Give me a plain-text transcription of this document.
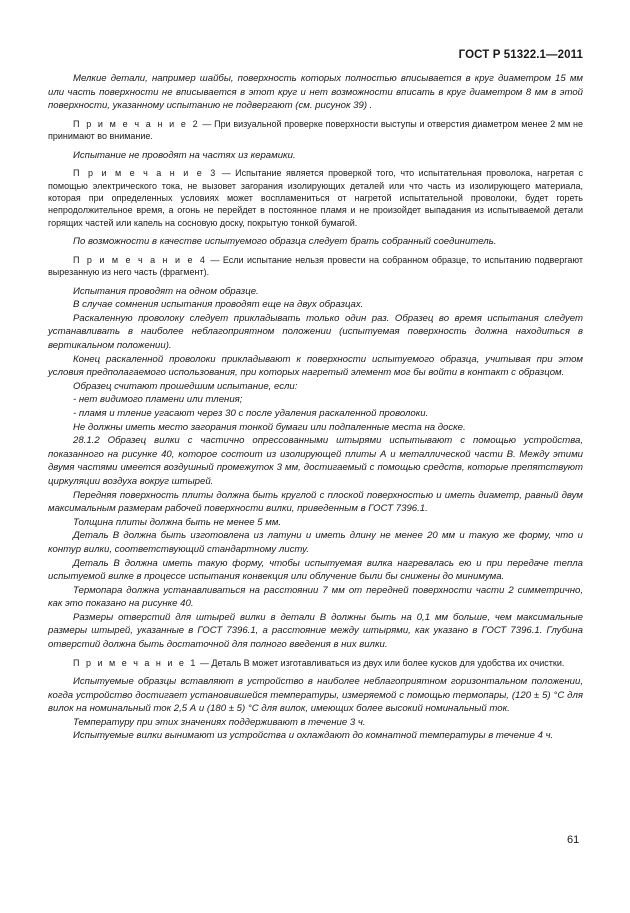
ГОСТ Р 51322.1—2011

Мелкие детали, например шайбы, поверхность которых полностью вписывается в круг диаметром 15 мм или часть поверхности не вписывается в этот круг и нет возможности вписать в круг диаметром 8 мм в этой поверхности, указанному испытанию не подвергают (см. рисунок 39) .

П р и м е ч а н и е 2 — При визуальной проверке поверхности выступы и отверстия диаметром менее 2 мм не принимают во внимание.

Испытание не проводят на частях из керамики.

П р и м е ч а н и е 3 — Испытание является проверкой того, что испытательная проволока, нагретая с помощью электрического тока, не вызовет загорания изолирующих деталей или что часть из изолирующего материала, которая при определенных условиях может воспламениться от нагретой испытательной проволоки, будет гореть непродолжительное время, а огонь не перейдет в постоянное пламя и не произойдет выпадания из испытываемой детали горящих частей или капель на сосновую доску, покрытую тонкой бумагой.

По возможности в качестве испытуемого образца следует брать собранный соединитель.

П р и м е ч а н и е 4 — Если испытание нельзя провести на собранном образце, то испытанию подвергают вырезанную из него часть (фрагмент).

Испытания проводят на одном образце.

В случае сомнения испытания проводят еще на двух образцах.

Раскаленную проволоку следует прикладывать только один раз. Образец во время испытания следует устанавливать в наиболее неблагоприятном положении (испытуемая поверхность должна находиться в вертикальном положении).

Конец раскаленной проволоки прикладывают к поверхности испытуемого образца, учитывая при этом условия предполагаемого использования, при которых нагретый элемент мог бы войти в контакт с образцом.

Образец считают прошедшим испытание, если:

- нет видимого пламени или тления;

- пламя и тление угасают через 30 с после удаления раскаленной проволоки.

Не должны иметь место загорания тонкой бумаги или подпаленные места на доске.

28.1.2 Образец вилки с частично опрессованными штырями испытывают с помощью устройства, показанного на рисунке 40, которое состоит из изолирующей плиты А и металлической части В. Между этими двумя частями имеется воздушный промежуток 3 мм, достигаемый с помощью средств, которые препятствуют циркуляции воздуха вокруг штырей.

Передняя поверхность плиты должна быть круглой с плоской поверхностью и иметь диаметр, равный двум максимальным размерам рабочей поверхности вилки, приведенным в ГОСТ 7396.1.

Толщина плиты должна быть не менее 5 мм.

Деталь В должна быть изготовлена из латуни и иметь длину не менее 20 мм и такую же форму, что и контур вилки, соответствующий стандартному листу.

Деталь В должна иметь такую форму, чтобы испытуемая вилка нагревалась ею и при передаче тепла испытуемой вилке в процессе испытания конвекция или облучение были бы снижены до минимума.

Термопара должна устанавливаться на расстоянии 7 мм от передней поверхности части 2 симметрично, как это показано на рисунке 40.

Размеры отверстий для штырей вилки в детали В должны быть на 0,1 мм больше, чем максимальные размеры штырей, указанные в ГОСТ 7396.1, а расстояние между штырями, как указано в ГОСТ 7396.1. Глубина отверстий должна быть достаточной для полного введения в них вилки.

П р и м е ч а н и е 1 — Деталь В может изготавливаться из двух или более кусков для удобства их очистки.

Испытуемые образцы вставляют в устройство в наиболее неблагоприятном горизонтальном положении, когда устройство достигает установившейся температуры, измеряемой с помощью термопары, (120 ± 5) °С для вилок на номинальный ток 2,5 А и (180 ± 5) °С для вилок, имеющих более высокий номинальный ток.

Температуру при этих значениях поддерживают в течение 3 ч.

Испытуемые вилки вынимают из устройства и охлаждают до комнатной температуры в течение 4 ч.

61
